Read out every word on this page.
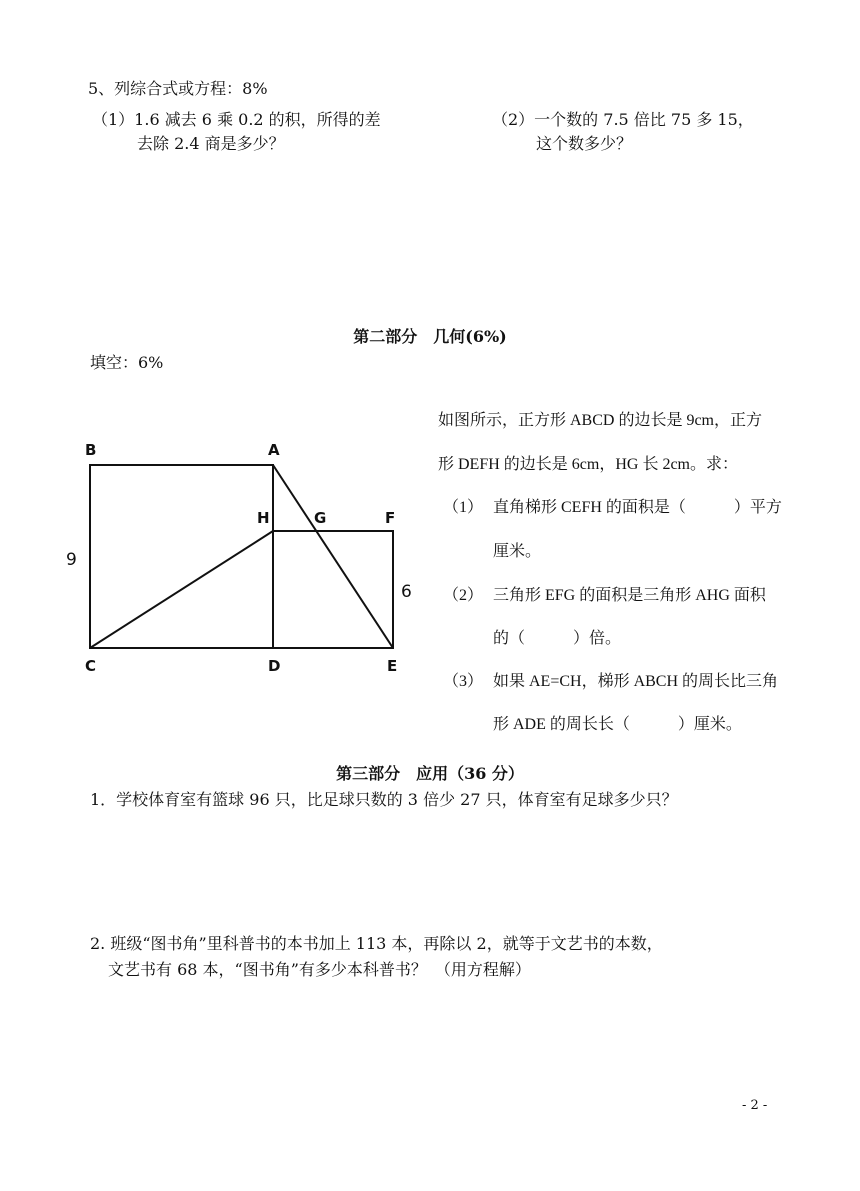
5、列综合式或方程：8%
（1）1.6 减去 6 乘 0.2 的积，所得的差
去除 2.4 商是多少？
（2）一个数的 7.5 倍比 75 多 15，
这个数多少？
第二部分　几何(6%)
填空：6%
B	A
H	G	F
C	D	E
9
6
如图所示，正方形 ABCD 的边长是 9cm，正方
形 DEFH 的边长是 6cm，HG 长 2cm。求：
（1） 直角梯形 CEFH 的面积是（　　　）平方
厘米。
（2） 三角形 EFG 的面积是三角形 AHG 面积
的（　　　）倍。
（3） 如果 AE=CH，梯形 ABCH 的周长比三角
形 ADE 的周长长（　　　）厘米。
第三部分　应用（36 分）
1．学校体育室有篮球 96 只，比足球只数的 3 倍少 27 只，体育室有足球多少只？
2. 班级“图书角”里科普书的本书加上 113 本，再除以 2，就等于文艺书的本数，
文艺书有 68 本，“图书角”有多少本科普书？　（用方程解）
- 2 -
